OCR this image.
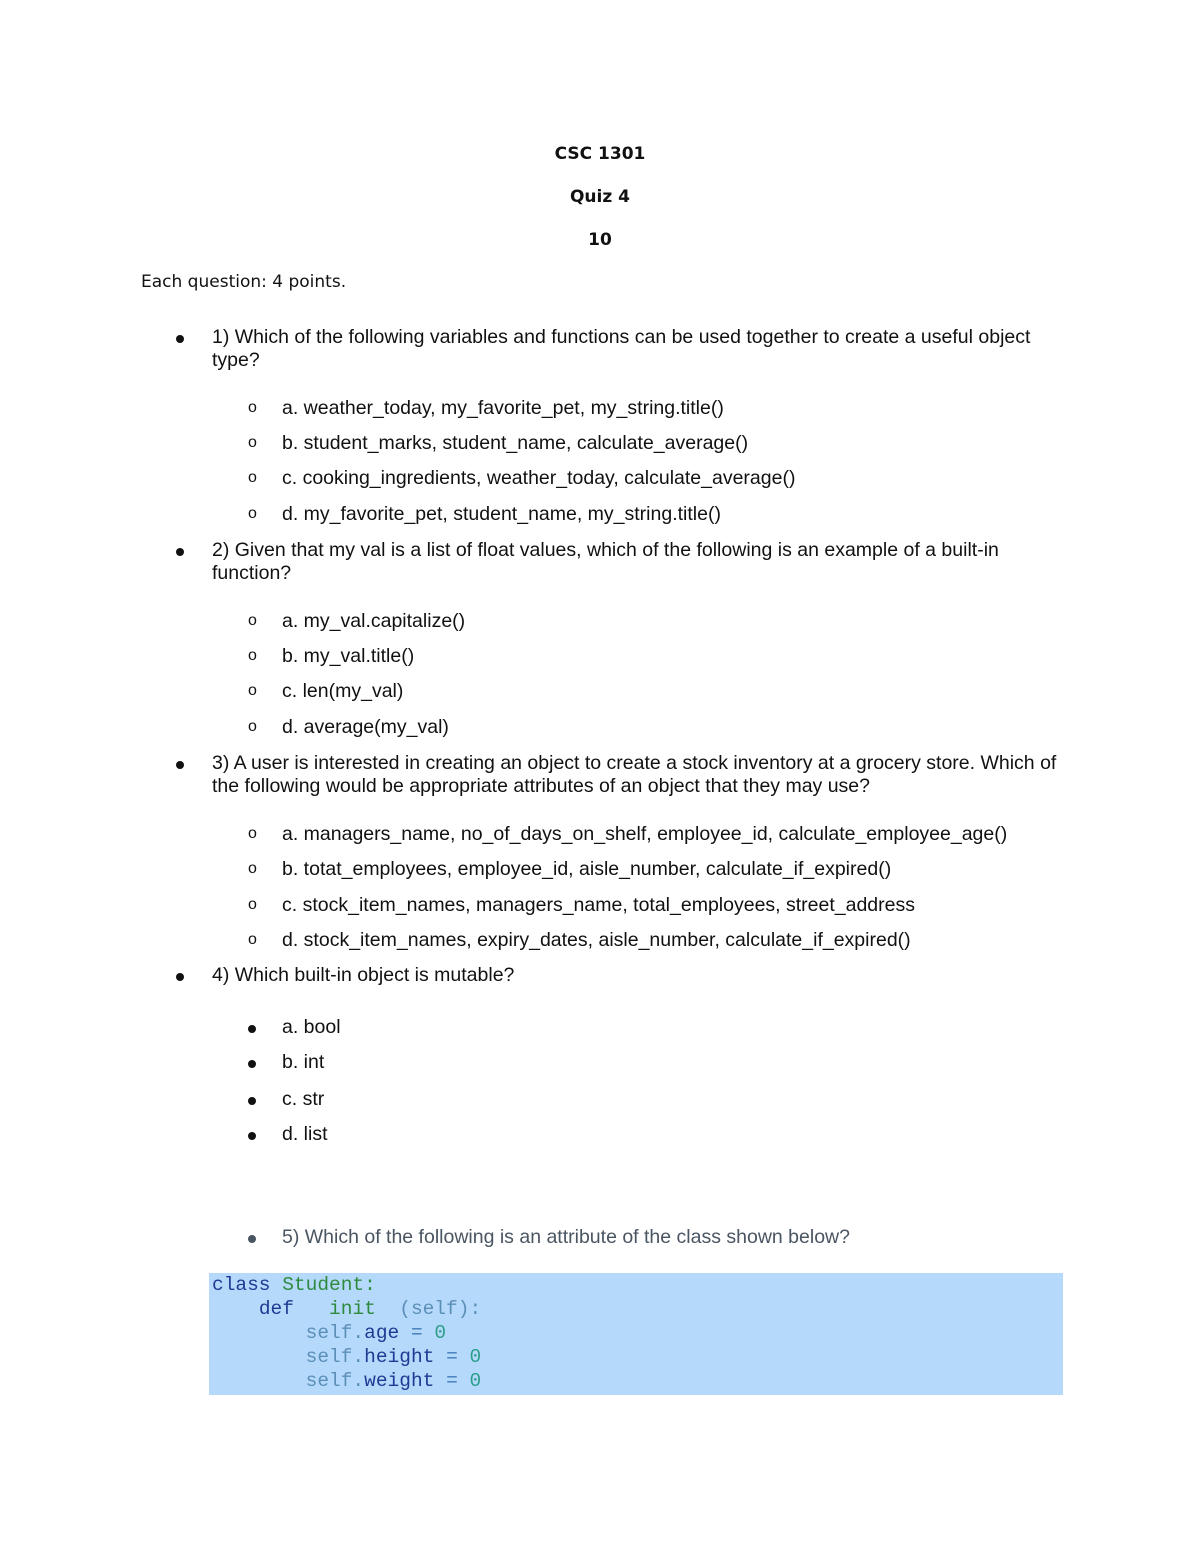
CSC 1301
Quiz 4
10
Each question: 4 points.
1) Which of the following variables and functions can be used together to create a useful object type?
o a. weather_today, my_favorite_pet, my_string.title()
o b. student_marks, student_name, calculate_average()
o c. cooking_ingredients, weather_today, calculate_average()
o d. my_favorite_pet, student_name, my_string.title()
2) Given that my val is a list of float values, which of the following is an example of a built-in function?
o a. my_val.capitalize()
o b. my_val.title()
o c. len(my_val)
o d. average(my_val)
3) A user is interested in creating an object to create a stock inventory at a grocery store. Which of the following would be appropriate attributes of an object that they may use?
o a. managers_name, no_of_days_on_shelf, employee_id, calculate_employee_age()
o b. totat_employees, employee_id, aisle_number, calculate_if_expired()
o c. stock_item_names, managers_name, total_employees, street_address
o d. stock_item_names, expiry_dates, aisle_number, calculate_if_expired()
4) Which built-in object is mutable?
a. bool
b. int
c. str
d. list
5) Which of the following is an attribute of the class shown below?
class Student:
def init (self):
self.age = 0
self.height = 0
self.weight = 0
